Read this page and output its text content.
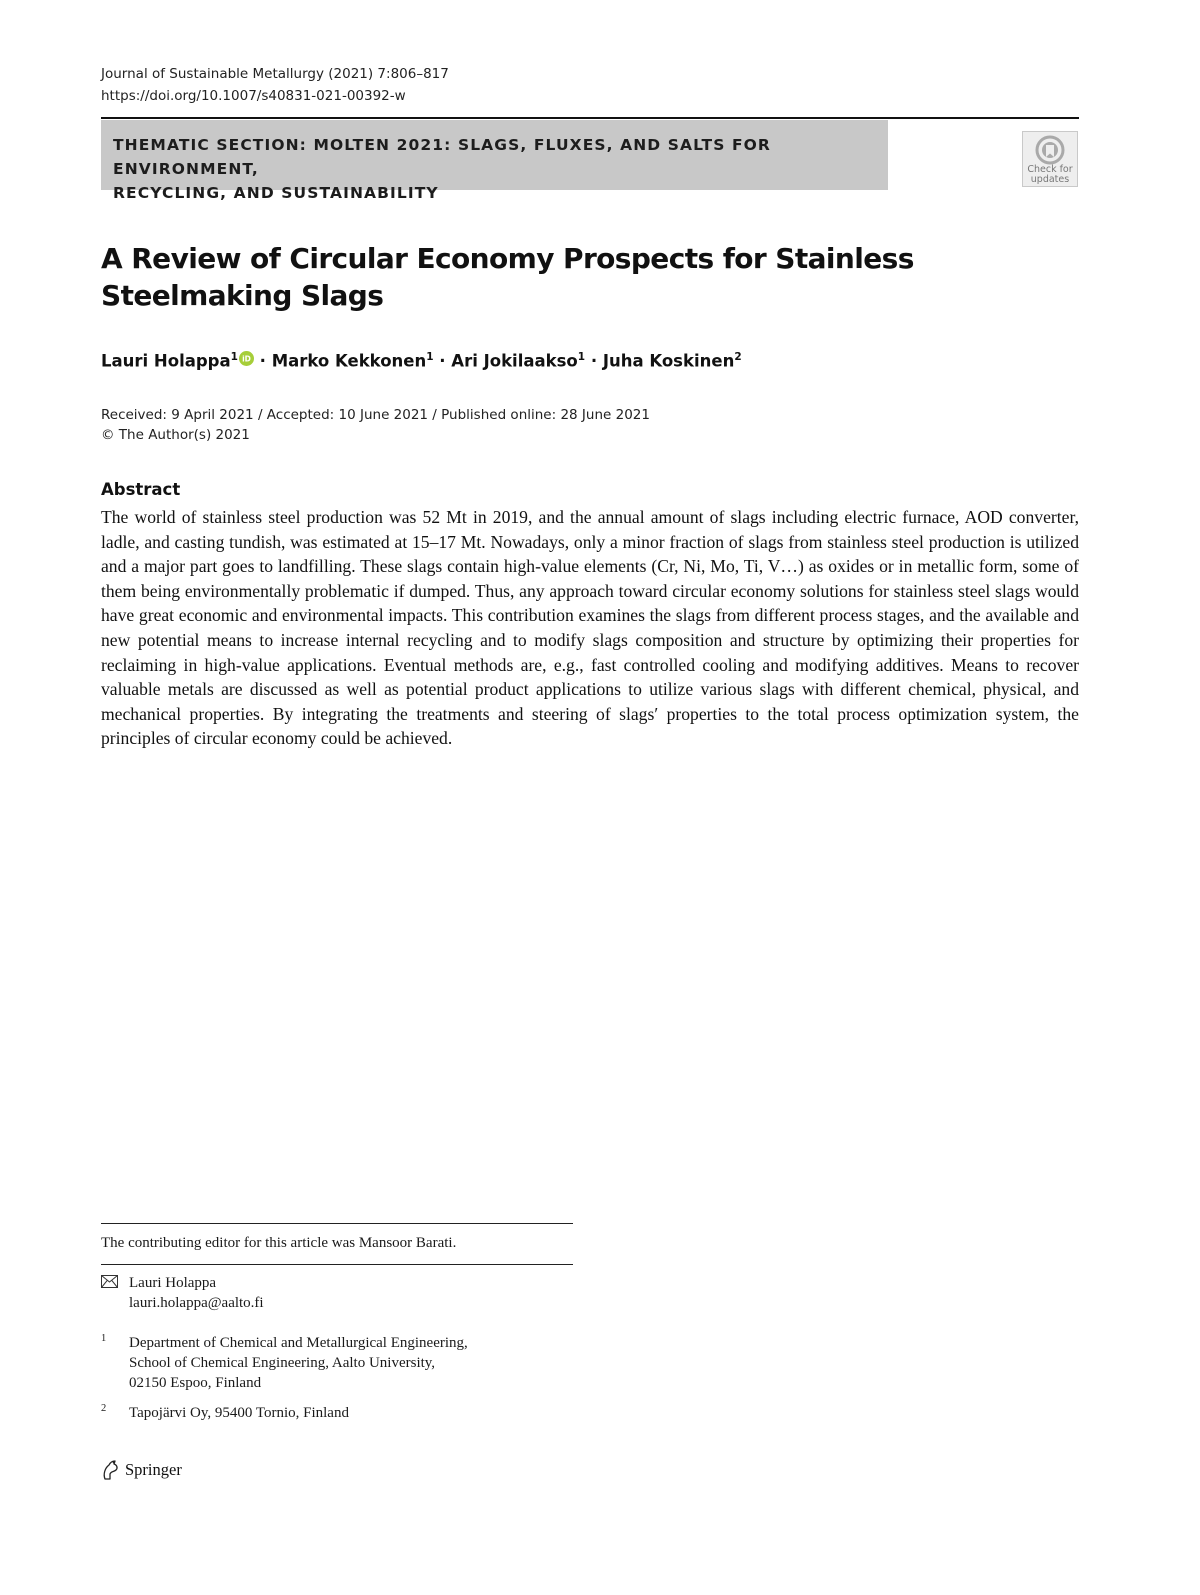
Journal of Sustainable Metallurgy (2021) 7:806–817
https://doi.org/10.1007/s40831-021-00392-w
THEMATIC SECTION: MOLTEN 2021: SLAGS, FLUXES, AND SALTS FOR ENVIRONMENT,
RECYCLING, AND SUSTAINABILITY
Check for
updates
A Review of Circular Economy Prospects for Stainless Steelmaking Slags
Lauri Holappa$^1$ iD · Marko Kekkonen$^1$ · Ari Jokilaakso$^1$ · Juha Koskinen$^2$
Received: 9 April 2021 / Accepted: 10 June 2021 / Published online: 28 June 2021
© The Author(s) 2021
Abstract
The world of stainless steel production was 52 Mt in 2019, and the annual amount of slags including electric furnace, AOD converter, ladle, and casting tundish, was estimated at 15–17 Mt. Nowadays, only a minor fraction of slags from stainless steel production is utilized and a major part goes to landfilling. These slags contain high-value elements (Cr, Ni, Mo, Ti, V…) as oxides or in metallic form, some of them being environmentally problematic if dumped. Thus, any approach toward circular economy solutions for stainless steel slags would have great economic and environmental impacts. This contribution examines the slags from different process stages, and the available and new potential means to increase internal recycling and to modify slags composition and structure by optimizing their properties for reclaiming in high-value applications. Eventual methods are, e.g., fast controlled cooling and modifying additives. Means to recover valuable metals are discussed as well as potential product applications to utilize various slags with different chemical, physical, and mechanical properties. By integrating the treatments and steering of slags′ properties to the total process optimization system, the principles of circular economy could be achieved.
The contributing editor for this article was Mansoor Barati.
Lauri Holappa
lauri.holappa@aalto.fi
1 Department of Chemical and Metallurgical Engineering,
School of Chemical Engineering, Aalto University,
02150 Espoo, Finland
2 Tapojärvi Oy, 95400 Tornio, Finland
Springer
